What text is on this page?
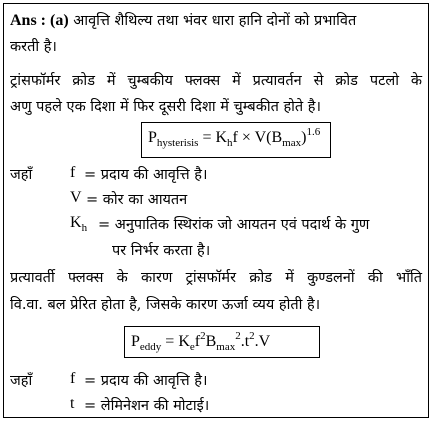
Ans : (a) आवृत्ति शैथिल्य तथा भंवर धारा हानि दोनों को प्रभावित
करती है।
ट्रांसफॉर्मर क्रोड में चुम्बकीय फ्लक्स में प्रत्यावर्तन से क्रोड पटलो के
अणु पहले एक दिशा में फिर दूसरी दिशा में चुम्बकीत होते है।
$P_{hysterisis} = K_hf \times V(B_{max})^{1.6}$
जहाँ f = प्रदाय की आवृत्ति है।
V = कोर का आयतन
$K_h$ = अनुपातिक स्थिरांक जो आयतन एवं पदार्थ के गुण
पर निर्भर करता है।
प्रत्यावर्ती फ्लक्स के कारण ट्रांसफॉर्मर क्रोड में कुण्डलनों की भाँति
वि.वा. बल प्रेरित होता है, जिसके कारण ऊर्जा व्यय होती है।
$P_{eddy} = K_ef^2B_{max}^2.t^2.V$
जहाँ f = प्रदाय की आवृत्ति है।
t = लेमिनेशन की मोटाई।
